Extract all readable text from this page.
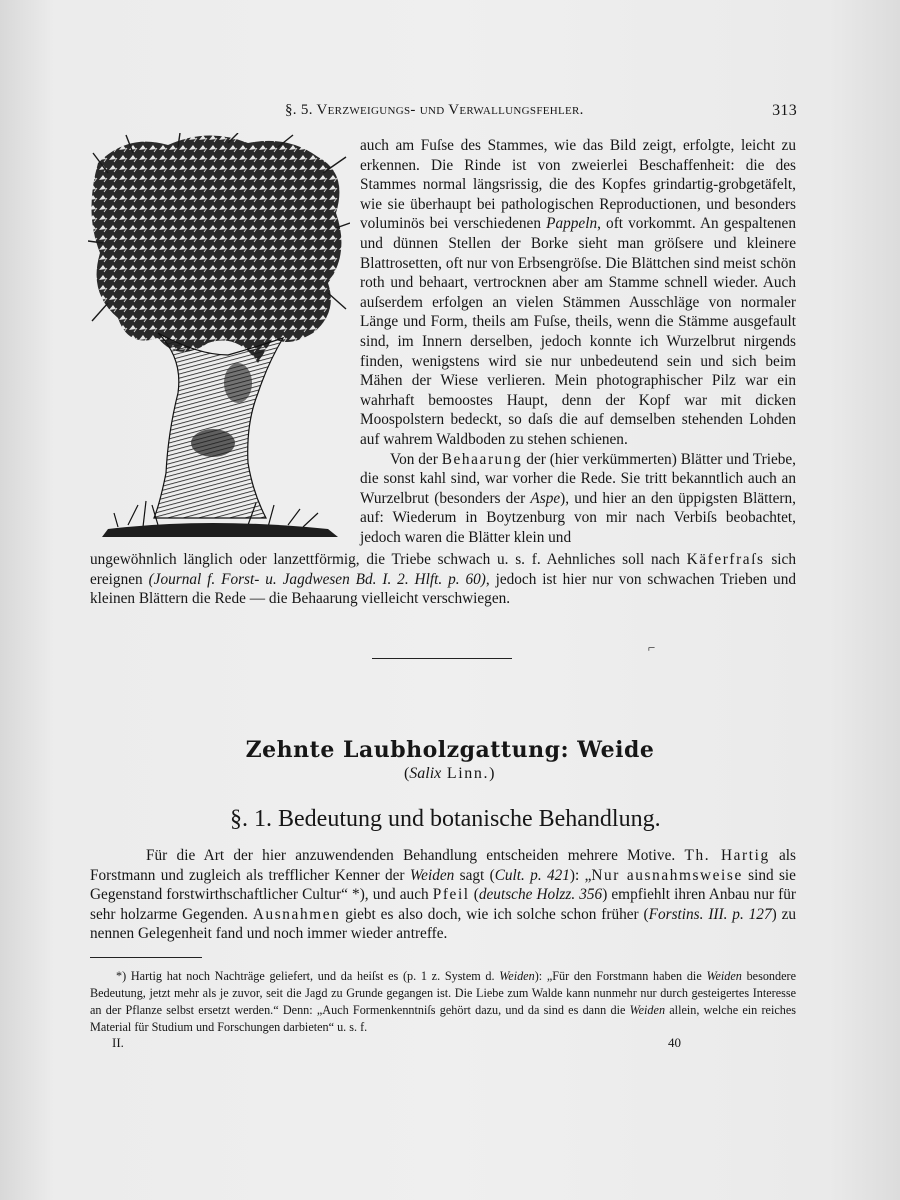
§. 5. Verzweigungs- und Verwallungsfehler.	313

auch am Fuſse des Stammes, wie das Bild zeigt, erfolgte, leicht zu erkennen. Die Rinde ist von zweierlei Beschaffenheit: die des Stammes normal längsrissig, die des Kopfes grindartig-grobgetäfelt, wie sie überhaupt bei pathologischen Reproductionen, und besonders voluminös bei verschiedenen Pappeln, oft vorkommt. An gespaltenen und dünnen Stellen der Borke sieht man gröſsere und kleinere Blattrosetten, oft nur von Erbsengröſse. Die Blättchen sind meist schön roth und behaart, vertrocknen aber am Stamme schnell wieder. Auch auſserdem erfolgen an vielen Stämmen Ausschläge von normaler Länge und Form, theils am Fuſse, theils, wenn die Stämme ausgefault sind, im Innern derselben, jedoch konnte ich Wurzelbrut nirgends finden, wenigstens wird sie nur unbedeutend sein und sich beim Mähen der Wiese verlieren. Mein photographischer Pilz war ein wahrhaft bemoostes Haupt, denn der Kopf war mit dicken Moospolstern bedeckt, so daſs die auf demselben stehenden Lohden auf wahrem Waldboden zu stehen schienen.

Von der Behaarung der (hier verkümmerten) Blätter und Triebe, die sonst kahl sind, war vorher die Rede. Sie tritt bekanntlich auch an Wurzelbrut (besonders der Aspe), und hier an den üppigsten Blättern, auf: Wiederum in Boytzenburg von mir nach Verbiſs beobachtet, jedoch waren die Blätter klein und

ungewöhnlich länglich oder lanzettförmig, die Triebe schwach u. s. f. Aehnliches soll nach Käferfraſs sich ereignen (Journal f. Forst- u. Jagdwesen Bd. I. 2. Hlft. p. 60), jedoch ist hier nur von schwachen Trieben und kleinen Blättern die Rede — die Behaarung vielleicht verschwiegen.

⌐
Zehnte Laubholzgattung: Weide
(Salix Linn.)
§. 1. Bedeutung und botanische Behandlung.

Für die Art der hier anzuwendenden Behandlung entscheiden mehrere Motive. Th. Hartig als Forstmann und zugleich als trefflicher Kenner der Weiden sagt (Cult. p. 421): „Nur ausnahmsweise sind sie Gegenstand forstwirthschaftlicher Cultur“ *), und auch Pfeil (deutsche Holzz. 356) empfiehlt ihren Anbau nur für sehr holzarme Gegenden. Ausnahmen giebt es also doch, wie ich solche schon früher (Forstins. III. p. 127) zu nennen Gelegenheit fand und noch immer wieder antreffe.

*) Hartig hat noch Nachträge geliefert, und da heiſst es (p. 1 z. System d. Weiden): „Für den Forstmann haben die Weiden besondere Bedeutung, jetzt mehr als je zuvor, seit die Jagd zu Grunde gegangen ist. Die Liebe zum Walde kann nunmehr nur durch gesteigertes Interesse an der Pflanze selbst ersetzt werden.“ Denn: „Auch Formenkenntniſs gehört dazu, und da sind es dann die Weiden allein, welche ein reiches Material für Studium und Forschungen darbieten“ u. s. f.

II.	40
